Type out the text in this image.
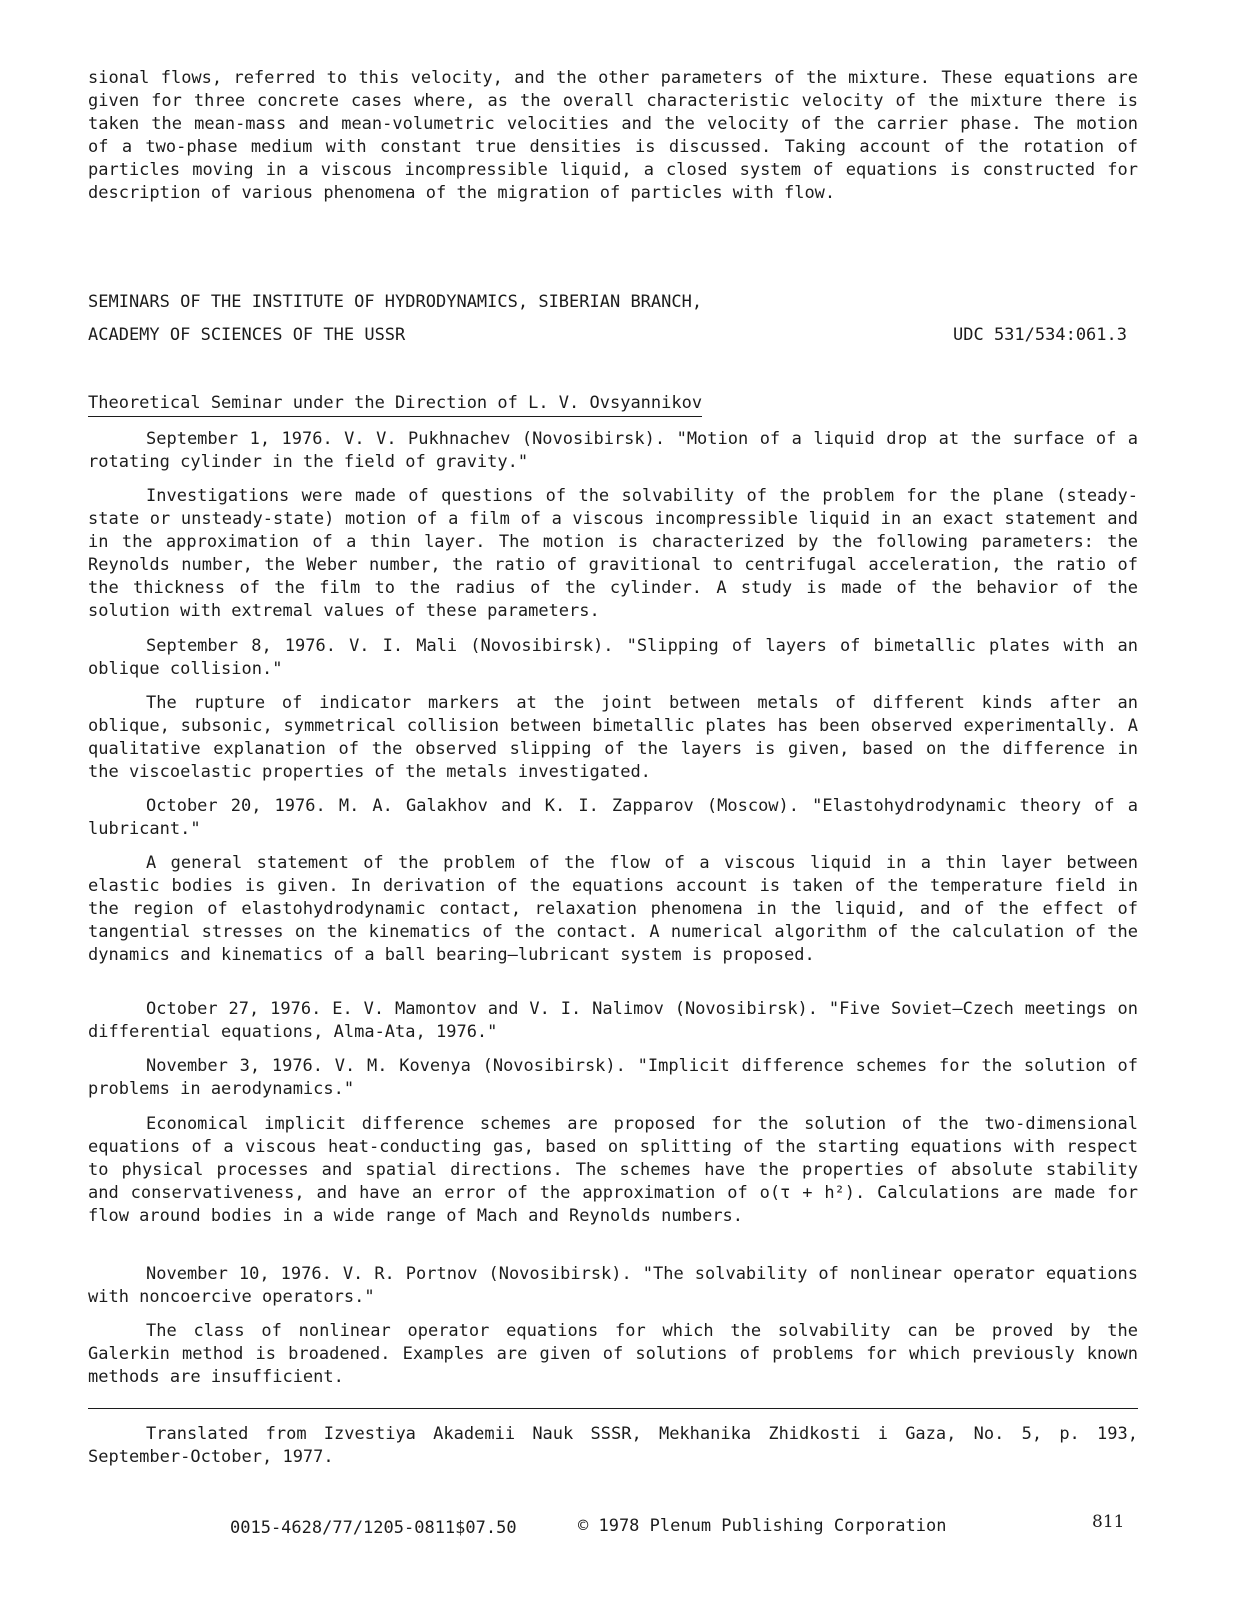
sional flows, referred to this velocity, and the other parameters of the mixture. These equations are given for three concrete cases where, as the overall characteristic velocity of the mixture there is taken the mean-mass and mean-volumetric velocities and the velocity of the carrier phase. The motion of a two-phase medium with constant true densities is discussed. Taking account of the rotation of particles moving in a viscous incompressible liquid, a closed system of equations is constructed for description of various phenomena of the migration of particles with flow.

SEMINARS OF THE INSTITUTE OF HYDRODYNAMICS, SIBERIAN BRANCH,

ACADEMY OF SCIENCES OF THE USSR	UDC 531/534:061.3
Theoretical Seminar under the Direction of L. V. Ovsyannikov

September 1, 1976. V. V. Pukhnachev (Novosibirsk). "Motion of a liquid drop at the surface of a rotating cylinder in the field of gravity."

Investigations were made of questions of the solvability of the problem for the plane (steady-state or unsteady-state) motion of a film of a viscous incompressible liquid in an exact statement and in the approximation of a thin layer. The motion is characterized by the following parameters: the Reynolds number, the Weber number, the ratio of gravitional to centrifugal acceleration, the ratio of the thickness of the film to the radius of the cylinder. A study is made of the behavior of the solution with extremal values of these parameters.

September 8, 1976. V. I. Mali (Novosibirsk). "Slipping of layers of bimetallic plates with an oblique collision."

The rupture of indicator markers at the joint between metals of different kinds after an oblique, subsonic, symmetrical collision between bimetallic plates has been observed experimentally. A qualitative explanation of the observed slipping of the layers is given, based on the difference in the viscoelastic properties of the metals investigated.

October 20, 1976. M. A. Galakhov and K. I. Zapparov (Moscow). "Elastohydrodynamic theory of a lubricant."

A general statement of the problem of the flow of a viscous liquid in a thin layer between elastic bodies is given. In derivation of the equations account is taken of the temperature field in the region of elastohydrodynamic contact, relaxation phenomena in the liquid, and of the effect of tangential stresses on the kinematics of the contact. A numerical algorithm of the calculation of the dynamics and kinematics of a ball bearing—lubricant system is proposed.

October 27, 1976. E. V. Mamontov and V. I. Nalimov (Novosibirsk). "Five Soviet—Czech meetings on differential equations, Alma-Ata, 1976."

November 3, 1976. V. M. Kovenya (Novosibirsk). "Implicit difference schemes for the solution of problems in aerodynamics."

Economical implicit difference schemes are proposed for the solution of the two-dimensional equations of a viscous heat-conducting gas, based on splitting of the starting equations with respect to physical processes and spatial directions. The schemes have the properties of absolute stability and conservativeness, and have an error of the approximation of o(τ + h²). Calculations are made for flow around bodies in a wide range of Mach and Reynolds numbers.

November 10, 1976. V. R. Portnov (Novosibirsk). "The solvability of nonlinear operator equations with noncoercive operators."

The class of nonlinear operator equations for which the solvability can be proved by the Galerkin method is broadened. Examples are given of solutions of problems for which previously known methods are insufficient.

Translated from Izvestiya Akademii Nauk SSSR, Mekhanika Zhidkosti i Gaza, No. 5, p. 193, September-October, 1977.

0015-4628/77/1205-0811$07.50	© 1978 Plenum Publishing Corporation	811
